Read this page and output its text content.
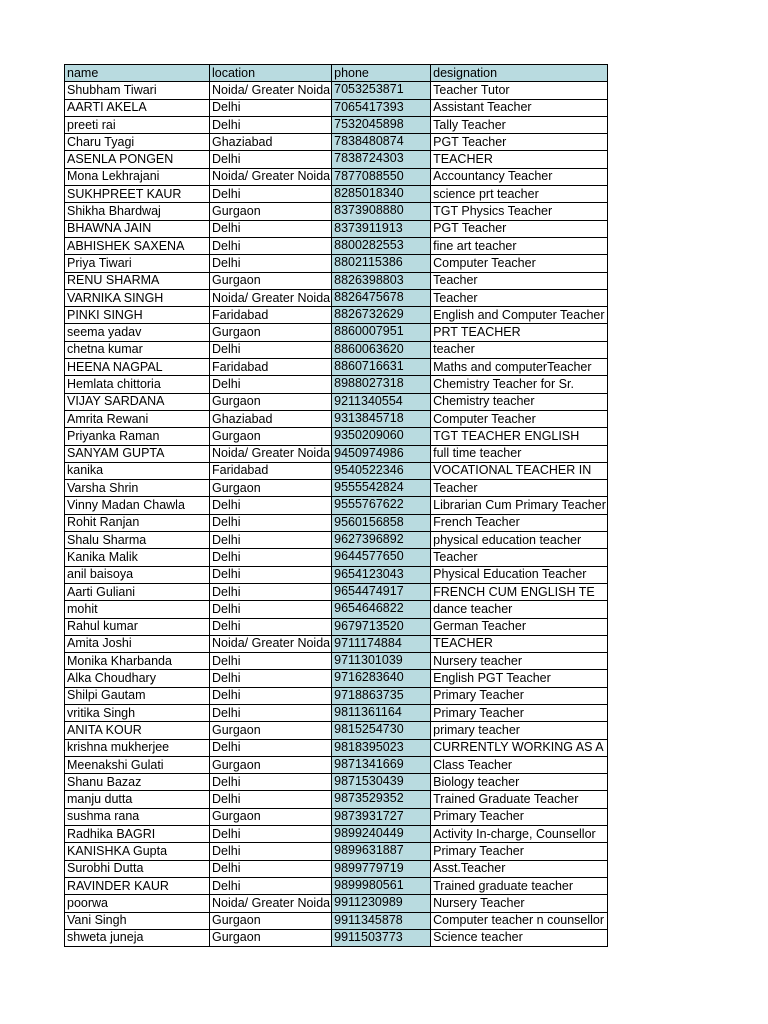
name	location	phone	designation
Shubham Tiwari	Noida/ Greater Noida	7053253871	Teacher Tutor
AARTI AKELA	Delhi	7065417393	Assistant Teacher
preeti rai	Delhi	7532045898	Tally Teacher
Charu Tyagi	Ghaziabad	7838480874	PGT Teacher
ASENLA PONGEN	Delhi	7838724303	TEACHER
Mona Lekhrajani	Noida/ Greater Noida	7877088550	Accountancy Teacher
SUKHPREET KAUR	Delhi	8285018340	science prt teacher
Shikha Bhardwaj	Gurgaon	8373908880	TGT Physics Teacher
BHAWNA JAIN	Delhi	8373911913	PGT Teacher
ABHISHEK SAXENA	Delhi	8800282553	fine art teacher
Priya Tiwari	Delhi	8802115386	Computer Teacher
RENU SHARMA	Gurgaon	8826398803	Teacher
VARNIKA SINGH	Noida/ Greater Noida	8826475678	Teacher
PINKI SINGH	Faridabad	8826732629	English and Computer Teacher
seema yadav	Gurgaon	8860007951	PRT TEACHER
chetna kumar	Delhi	8860063620	teacher
HEENA NAGPAL	Faridabad	8860716631	Maths and computerTeacher
Hemlata chittoria	Delhi	8988027318	Chemistry Teacher for Sr.
VIJAY SARDANA	Gurgaon	9211340554	Chemistry teacher
Amrita Rewani	Ghaziabad	9313845718	Computer Teacher
Priyanka Raman	Gurgaon	9350209060	TGT TEACHER ENGLISH
SANYAM GUPTA	Noida/ Greater Noida	9450974986	full time teacher
kanika	Faridabad	9540522346	VOCATIONAL TEACHER IN
Varsha Shrin	Gurgaon	9555542824	Teacher
Vinny Madan Chawla	Delhi	9555767622	Librarian Cum Primary Teacher
Rohit Ranjan	Delhi	9560156858	French Teacher
Shalu Sharma	Delhi	9627396892	physical education teacher
Kanika Malik	Delhi	9644577650	Teacher
anil baisoya	Delhi	9654123043	Physical Education Teacher
Aarti Guliani	Delhi	9654474917	FRENCH CUM ENGLISH TE
mohit	Delhi	9654646822	dance teacher
Rahul kumar	Delhi	9679713520	German Teacher
Amita Joshi	Noida/ Greater Noida	9711174884	TEACHER
Monika Kharbanda	Delhi	9711301039	Nursery teacher
Alka Choudhary	Delhi	9716283640	English PGT Teacher
Shilpi Gautam	Delhi	9718863735	Primary Teacher
vritika Singh	Delhi	9811361164	Primary Teacher
ANITA KOUR	Gurgaon	9815254730	primary teacher
krishna mukherjee	Delhi	9818395023	CURRENTLY WORKING AS A
Meenakshi Gulati	Gurgaon	9871341669	Class Teacher
Shanu Bazaz	Delhi	9871530439	Biology teacher
manju dutta	Delhi	9873529352	Trained Graduate Teacher
sushma rana	Gurgaon	9873931727	Primary Teacher
Radhika BAGRI	Delhi	9899240449	Activity In-charge, Counsellor
KANISHKA Gupta	Delhi	9899631887	Primary Teacher
Surobhi Dutta	Delhi	9899779719	Asst.Teacher
RAVINDER KAUR	Delhi	9899980561	Trained graduate teacher
poorwa	Noida/ Greater Noida	9911230989	Nursery Teacher
Vani Singh	Gurgaon	9911345878	Computer teacher n counsellor
shweta juneja	Gurgaon	9911503773	Science teacher
